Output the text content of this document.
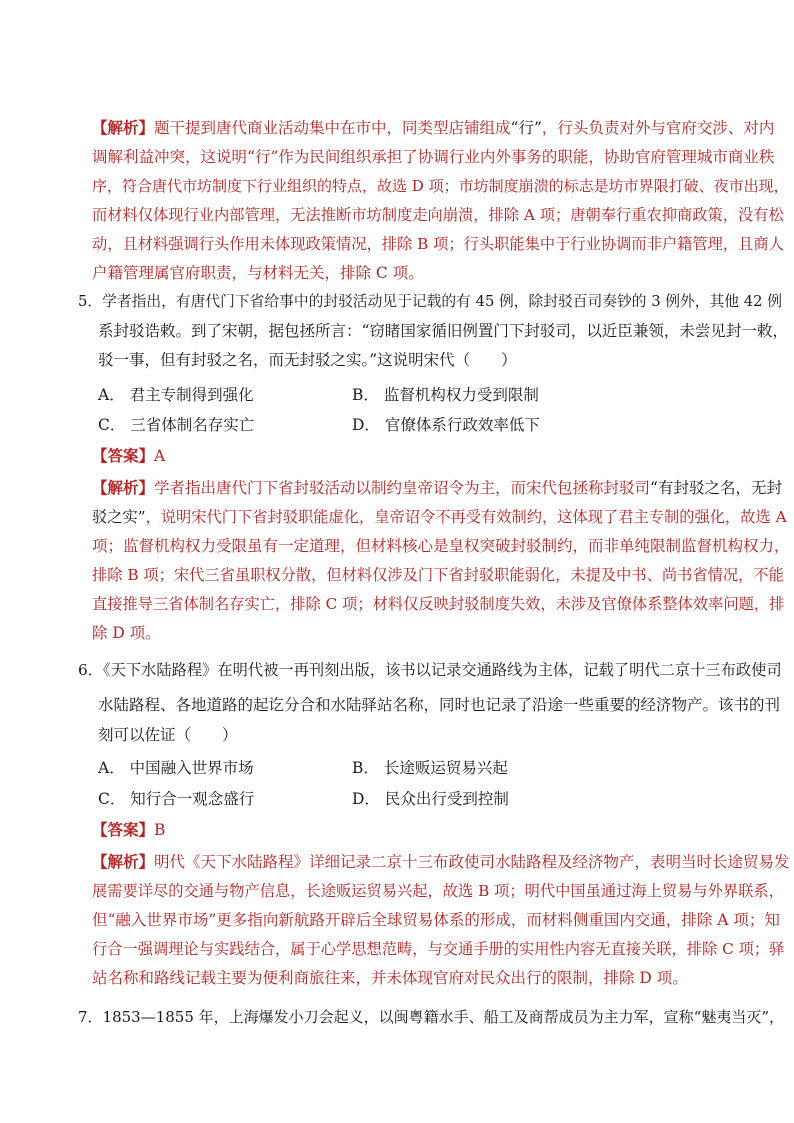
【解析】题干提到唐代商业活动集中在市中，同类型店铺组成“行”，行头负责对外与官府交涉、对内
调解利益冲突，这说明“行”作为民间组织承担了协调行业内外事务的职能，协助官府管理城市商业秩
序，符合唐代市坊制度下行业组织的特点，故选 D 项；市坊制度崩溃的标志是坊市界限打破、夜市出现，
而材料仅体现行业内部管理，无法推断市坊制度走向崩溃，排除 A 项；唐朝奉行重农抑商政策，没有松
动，且材料强调行头作用未体现政策情况，排除 B 项；行头职能集中于行业协调而非户籍管理，且商人
户籍管理属官府职责，与材料无关，排除 C 项。
5．学者指出，有唐代门下省给事中的封驳活动见于记载的有 45 例，除封驳百司奏钞的 3 例外，其他 42 例
系封驳诰敕。到了宋朝，据包拯所言：“窃睹国家循旧例置门下封驳司，以近臣兼领，未尝见封一敕，
驳一事，但有封驳之名，而无封驳之实。”这说明宋代（　　）
A． 君主专制得到强化	B． 监督机构权力受到限制
C． 三省体制名存实亡	D． 官僚体系行政效率低下
【答案】A
【解析】学者指出唐代门下省封驳活动以制约皇帝诏令为主，而宋代包拯称封驳司“有封驳之名，无封
驳之实”，说明宋代门下省封驳职能虚化，皇帝诏令不再受有效制约，这体现了君主专制的强化，故选 A
项；监督机构权力受限虽有一定道理，但材料核心是皇权突破封驳制约，而非单纯限制监督机构权力，
排除 B 项；宋代三省虽职权分散，但材料仅涉及门下省封驳职能弱化，未提及中书、尚书省情况，不能
直接推导三省体制名存实亡，排除 C 项；材料仅反映封驳制度失效，未涉及官僚体系整体效率问题，排
除 D 项。
6．《天下水陆路程》在明代被一再刊刻出版，该书以记录交通路线为主体，记载了明代二京十三布政使司
水陆路程、各地道路的起讫分合和水陆驿站名称，同时也记录了沿途一些重要的经济物产。该书的刊
刻可以佐证（　　）
A． 中国融入世界市场	B． 长途贩运贸易兴起
C． 知行合一观念盛行	D． 民众出行受到控制
【答案】B
【解析】明代《天下水陆路程》详细记录二京十三布政使司水陆路程及经济物产，表明当时长途贸易发
展需要详尽的交通与物产信息，长途贩运贸易兴起，故选 B 项；明代中国虽通过海上贸易与外界联系，
但“融入世界市场”更多指向新航路开辟后全球贸易体系的形成，而材料侧重国内交通，排除 A 项；知
行合一强调理论与实践结合，属于心学思想范畴，与交通手册的实用性内容无直接关联，排除 C 项；驿
站名称和路线记载主要为便利商旅往来，并未体现官府对民众出行的限制，排除 D 项。
7．1853—1855 年，上海爆发小刀会起义，以闽粤籍水手、船工及商帮成员为主力军，宣称“魅夷当灭”，
